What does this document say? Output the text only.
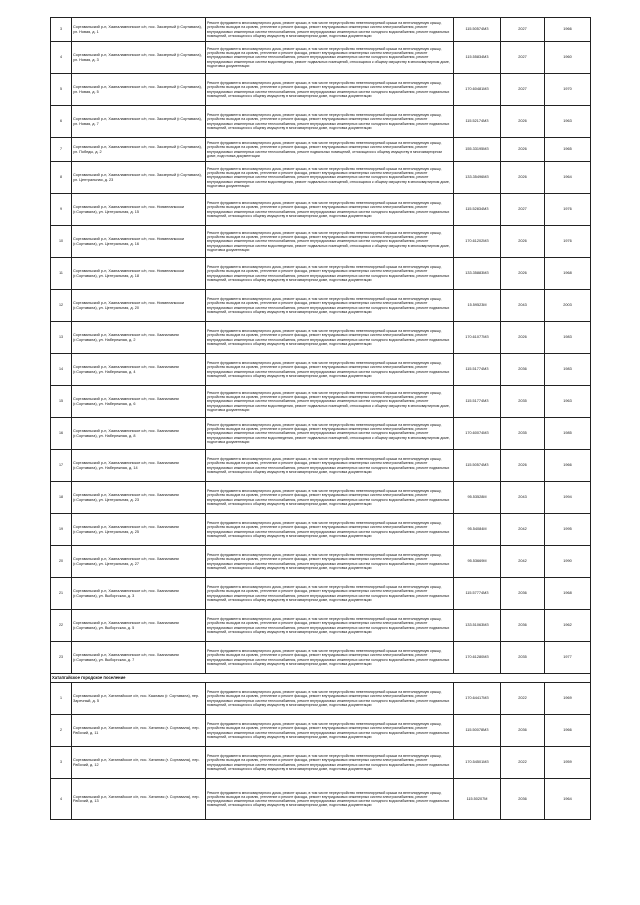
3	Сортавальский р-н, Хаапалампинское с/п, пос. Заозерный (г.Сортавала), ул. Новая, д. 1	Ремонт фундамента многоквартирного дома, ремонт крыши, в том числе переустройство невентилируемой крыши на вентилируемую крышу, устройство выходов на кровлю, утепление и ремонт фасада, ремонт внутридомовых инженерных систем электроснабжения, ремонт внутридомовых инженерных систем теплоснабжения, ремонт внутридомовых инженерных систем холодного водоснабжения, ремонт подвальных помещений, относящихся к общему имуществу в многоквартирном доме, подготовка документации	115.50574МЗ	2027	1966
4	Сортавальский р-н, Хаапалампинское с/п, пос. Заозерный (г.Сортавала), ул. Новая, д. 3	Ремонт фундамента многоквартирного дома, ремонт крыши, в том числе переустройство невентилируемой крыши на вентилируемую крышу, устройство выходов на кровлю, утепление и ремонт фасада, ремонт внутридомовых инженерных систем электроснабжения, ремонт внутридомовых инженерных систем теплоснабжения, ремонт внутридомовых инженерных систем холодного водоснабжения, ремонт внутридомовых инженерных систем водоотведения, ремонт подвальных помещений, относящихся к общему имуществу в многоквартирном доме, подготовка документации	115.55834М3	2027	1960
5	Сортавальский р-н, Хаапалампинское с/п, пос. Заозерный (г.Сортавала), ул. Новая, д. 5	Ремонт фундамента многоквартирного дома, ремонт крыши, в том числе переустройство невентилируемой крыши на вентилируемую крышу, устройство выходов на кровлю, утепление и ремонт фасада, ремонт внутридомовых инженерных систем электроснабжения, ремонт внутридомовых инженерных систем теплоснабжения, ремонт внутридомовых инженерных систем холодного водоснабжения, ремонт подвальных помещений, относящихся к общему имуществу в многоквартирном доме, подготовка документации	170.60481МЗ	2027	1970
6	Сортавальский р-н, Хаапалампинское с/п, пос. Заозерный (г.Сортавала), ул. Новая, д. 7	Ремонт фундамента многоквартирного дома, ремонт крыши, в том числе переустройство невентилируемой крыши на вентилируемую крышу, устройство выходов на кровлю, утепление и ремонт фасада, ремонт внутридомовых инженерных систем электроснабжения, ремонт внутридомовых инженерных систем теплоснабжения, ремонт внутридомовых инженерных систем холодного водоснабжения, ремонт подвальных помещений, относящихся к общему имуществу в многоквартирном доме, подготовка документации	115.52174МЗ	2026	1963
7	Сортавальский р-н, Хаапалампинское с/п, пос. Заозерный (г.Сортавала), ул. Победы, д. 2	Ремонт фундамента многоквартирного дома, ремонт крыши, в том числе переустройство невентилируемой крыши на вентилируемую крышу, устройство выходов на кровлю, утепление и ремонт фасада, ремонт внутридомовых инженерных систем электроснабжения, ремонт внутридомовых инженерных систем теплоснабжения, ремонт подвальных помещений, относящихся к общему имуществу в многоквартирном доме, подготовка документации	155.33195МЗ	2026	1965
8	Сортавальский р-н, Хаапалампинское с/п, пос. Заозерный (г.Сортавала), ул. Центральная, д. 23	Ремонт фундамента многоквартирного дома, ремонт крыши, в том числе переустройство невентилируемой крыши на вентилируемую крышу, устройство выходов на кровлю, утепление и ремонт фасада, ремонт внутридомовых инженерных систем электроснабжения, ремонт внутридомовых инженерных систем теплоснабжения, ремонт внутридомовых инженерных систем холодного водоснабжения, ремонт внутридомовых инженерных систем водоотведения, ремонт подвальных помещений, относящихся к общему имуществу в многоквартирном доме, подготовка документации	133.35496МЗ	2026	1964
9	Сортавальский р-н, Хаапалампинское с/п, пос. Ниэмеланкоски (г.Сортавала), ул. Центральная, д. 15	Ремонт фундамента многоквартирного дома, ремонт крыши, в том числе переустройство невентилируемой крыши на вентилируемую крышу, устройство выходов на кровлю, утепление и ремонт фасада, ремонт внутридомовых инженерных систем электроснабжения, ремонт внутридомовых инженерных систем теплоснабжения, ремонт внутридомовых инженерных систем холодного водоснабжения, ремонт подвальных помещений, относящихся к общему имуществу в многоквартирном доме, подготовка документации	115.52834МЗ	2027	1976
10	Сортавальский р-н, Хаапалампинское с/п, пос. Ниэмеланкоски (г.Сортавала), ул. Центральная, д. 16	Ремонт фундамента многоквартирного дома, ремонт крыши, в том числе переустройство невентилируемой крыши на вентилируемую крышу, устройство выходов на кровлю, утепление и ремонт фасада, ремонт внутридомовых инженерных систем электроснабжения, ремонт внутридомовых инженерных систем теплоснабжения, ремонт внутридомовых инженерных систем холодного водоснабжения, ремонт внутридомовых инженерных систем водоотведения, ремонт подвальных помещений, относящихся к общему имуществу в многоквартирном доме, подготовка документации	170.61202МЗ	2026	1976
11	Сортавальский р-н, Хаапалампинское с/п, пос. Ниэмеланкоски (г.Сортавала), ул. Центральная, д. 18	Ремонт фундамента многоквартирного дома, ремонт крыши, в том числе переустройство невентилируемой крыши на вентилируемую крышу, устройство выходов на кровлю, утепление и ремонт фасада, ремонт внутридомовых инженерных систем электроснабжения, ремонт внутридомовых инженерных систем теплоснабжения, ремонт внутридомовых инженерных систем холодного водоснабжения, ремонт подвальных помещений, относящихся к общему имуществу в многоквартирном доме, подготовка документации	133.35883МЗ	2026	1968
12	Сортавальский р-н, Хаапалампинское с/п, пос. Ниэмеланкоски (г.Сортавала), ул. Центральная, д. 20	Ремонт фундамента многоквартирного дома, ремонт крыши, в том числе переустройство невентилируемой крыши на вентилируемую крышу, устройство выходов на кровлю, утепление и ремонт фасада, ремонт внутридомовых инженерных систем электроснабжения, ремонт внутридомовых инженерных систем теплоснабжения, ремонт внутридомовых инженерных систем холодного водоснабжения, ремонт подвальных помещений, относящихся к общему имуществу в многоквартирном доме, подготовка документации	15.59523М	2043	2003
13	Сортавальский р-н, Хаапалампинское с/п, пос. Хаапалампи (г.Сортавала), ул. Набережная, д. 2	Ремонт фундамента многоквартирного дома, ремонт крыши, в том числе переустройство невентилируемой крыши на вентилируемую крышу, устройство выходов на кровлю, утепление и ремонт фасада, ремонт внутридомовых инженерных систем электроснабжения, ремонт внутридомовых инженерных систем теплоснабжения, ремонт внутридомовых инженерных систем холодного водоснабжения, ремонт подвальных помещений, относящихся к общему имуществу в многоквартирном доме, подготовка документации	170.61077МЗ	2026	1983
14	Сортавальский р-н, Хаапалампинское с/п, пос. Хаапалампи (г.Сортавала), ул. Набережная, д. 4	Ремонт фундамента многоквартирного дома, ремонт крыши, в том числе переустройство невентилируемой крыши на вентилируемую крышу, устройство выходов на кровлю, утепление и ремонт фасада, ремонт внутридомовых инженерных систем электроснабжения, ремонт внутридомовых инженерных систем теплоснабжения, ремонт внутридомовых инженерных систем холодного водоснабжения, ремонт подвальных помещений, относящихся к общему имуществу в многоквартирном доме, подготовка документации	115.51774МЗ	2036	1983
15	Сортавальский р-н, Хаапалампинское с/п, пос. Хаапалампи (г.Сортавала), ул. Набережная, д. 6	Ремонт фундамента многоквартирного дома, ремонт крыши, в том числе переустройство невентилируемой крыши на вентилируемую крышу, устройство выходов на кровлю, утепление и ремонт фасада, ремонт внутридомовых инженерных систем электроснабжения, ремонт внутридомовых инженерных систем теплоснабжения, ремонт внутридомовых инженерных систем холодного водоснабжения, ремонт внутридомовых инженерных систем водоотведения, ремонт подвальных помещений, относящихся к общему имуществу в многоквартирном доме, подготовка документации	115.51774МЗ	2035	1963
16	Сортавальский р-н, Хаапалампинское с/п, пос. Хаапалампи (г.Сортавала), ул. Набережная, д. 8	Ремонт фундамента многоквартирного дома, ремонт крыши, в том числе переустройство невентилируемой крыши на вентилируемую крышу, устройство выходов на кровлю, утепление и ремонт фасада, ремонт внутридомовых инженерных систем электроснабжения, ремонт внутридомовых инженерных систем теплоснабжения, ремонт внутридомовых инженерных систем холодного водоснабжения, ремонт внутридомовых инженерных систем водоотведения, ремонт подвальных помещений, относящихся к общему имуществу в многоквартирном доме, подготовка документации	170.60074МЗ	2035	1985
17	Сортавальский р-н, Хаапалампинское с/п, пос. Хаапалампи (г.Сортавала), ул. Набережная, д. 14	Ремонт фундамента многоквартирного дома, ремонт крыши, в том числе переустройство невентилируемой крыши на вентилируемую крышу, устройство выходов на кровлю, утепление и ремонт фасада, ремонт внутридомовых инженерных систем электроснабжения, ремонт внутридомовых инженерных систем теплоснабжения, ремонт внутридомовых инженерных систем холодного водоснабжения, ремонт подвальных помещений, относящихся к общему имуществу в многоквартирном доме, подготовка документации	115.50574МЗ	2026	1966
18	Сортавальский р-н, Хаапалампинское с/п, пос. Хаапалампи (г.Сортавала), ул. Центральная, д. 23	Ремонт фундамента многоквартирного дома, ремонт крыши, в том числе переустройство невентилируемой крыши на вентилируемую крышу, устройство выходов на кровлю, утепление и ремонт фасада, ремонт внутридомовых инженерных систем электроснабжения, ремонт внутридомовых инженерных систем теплоснабжения, ремонт внутридомовых инженерных систем холодного водоснабжения, ремонт подвальных помещений, относящихся к общему имуществу в многоквартирном доме, подготовка документации	95.53528М	2043	1994
19	Сортавальский р-н, Хаапалампинское с/п, пос. Хаапалампи (г.Сортавала), ул. Центральная, д. 25	Ремонт фундамента многоквартирного дома, ремонт крыши, в том числе переустройство невентилируемой крыши на вентилируемую крышу, устройство выходов на кровлю, утепление и ремонт фасада, ремонт внутридомовых инженерных систем электроснабжения, ремонт внутридомовых инженерных систем теплоснабжения, ремонт внутридомовых инженерных систем холодного водоснабжения, ремонт подвальных помещений, относящихся к общему имуществу в многоквартирном доме, подготовка документации	95.54084М	2042	1995
20	Сортавальский р-н, Хаапалампинское с/п, пос. Хаапалампи (г.Сортавала), ул. Центральная, д. 27	Ремонт фундамента многоквартирного дома, ремонт крыши, в том числе переустройство невентилируемой крыши на вентилируемую крышу, устройство выходов на кровлю, утепление и ремонт фасада, ремонт внутридомовых инженерных систем электроснабжения, ремонт внутридомовых инженерных систем теплоснабжения, ремонт внутридомовых инженерных систем холодного водоснабжения, ремонт подвальных помещений, относящихся к общему имуществу в многоквартирном доме, подготовка документации	95.53669М	2042	1990
21	Сортавальский р-н, Хаапалампинское с/п, пос. Хаапалампи (г.Сортавала), ул. Выборгская, д. 3	Ремонт фундамента многоквартирного дома, ремонт крыши, в том числе переустройство невентилируемой крыши на вентилируемую крышу, устройство выходов на кровлю, утепление и ремонт фасада, ремонт внутридомовых инженерных систем электроснабжения, ремонт внутридомовых инженерных систем теплоснабжения, ремонт внутридомовых инженерных систем холодного водоснабжения, ремонт подвальных помещений, относящихся к общему имуществу в многоквартирном доме, подготовка документации	115.57774МЗ	2036	1968
22	Сортавальский р-н, Хаапалампинское с/п, пос. Хаапалампи (г.Сортавала), ул. Выборгская, д. 5	Ремонт фундамента многоквартирного дома, ремонт крыши, в том числе переустройство невентилируемой крыши на вентилируемую крышу, устройство выходов на кровлю, утепление и ремонт фасада, ремонт внутридомовых инженерных систем электроснабжения, ремонт внутридомовых инженерных систем теплоснабжения, ремонт внутридомовых инженерных систем холодного водоснабжения, ремонт подвальных помещений, относящихся к общему имуществу в многоквартирном доме, подготовка документации	133.51063МЗ	2036	1962
23	Сортавальский р-н, Хаапалампинское с/п, пос. Хаапалампи (г.Сортавала), ул. Выборгская, д. 7	Ремонт фундамента многоквартирного дома, ремонт крыши, в том числе переустройство невентилируемой крыши на вентилируемую крышу, устройство выходов на кровлю, утепление и ремонт фасада, ремонт внутридомовых инженерных систем электроснабжения, ремонт внутридомовых инженерных систем теплоснабжения, ремонт внутридомовых инженерных систем холодного водоснабжения, ремонт подвальных помещений, относящихся к общему имуществу в многоквартирном доме, подготовка документации	170.61280МЗ	2035	1977
Хатапгайское городское поселение					
1	Сортавальский р-н, Хатапгайское с/п, пос. Кааламо (г. Сортавала), пер. Заречный, д. 5	Ремонт фундамента многоквартирного дома, ремонт крыши, в том числе переустройство невентилируемой крыши на вентилируемую крышу, устройство выходов на кровлю, утепление и ремонт фасада, ремонт внутридомовых инженерных систем электроснабжения, ремонт внутридомовых инженерных систем теплоснабжения, ремонт внутридомовых инженерных систем холодного водоснабжения, ремонт подвальных помещений, относящихся к общему имуществу в многоквартирном доме, подготовка документации	170.64417МЗ	2022	1969
2	Сортавальский р-н, Хатапгайское с/п, пос. Хатапгая (г. Сортавала), пер. Рабочий, д. 11	Ремонт фундамента многоквартирного дома, ремонт крыши, в том числе переустройство невентилируемой крыши на вентилируемую крышу, устройство выходов на кровлю, утепление и ремонт фасада, ремонт внутридомовых инженерных систем электроснабжения, ремонт внутридомовых инженерных систем теплоснабжения, ремонт внутридомовых инженерных систем холодного водоснабжения, ремонт подвальных помещений, относящихся к общему имуществу в многоквартирном доме, подготовка документации	115.50078МЗ	2036	1966
3	Сортавальский р-н, Хатапгайское с/п, пос. Хатапгая (г. Сортавала), пер. Рабочий, д. 12	Ремонт фундамента многоквартирного дома, ремонт крыши, в том числе переустройство невентилируемой крыши на вентилируемую крышу, устройство выходов на кровлю, утепление и ремонт фасада, ремонт внутридомовых инженерных систем электроснабжения, ремонт внутридомовых инженерных систем теплоснабжения, ремонт внутридомовых инженерных систем холодного водоснабжения, ремонт подвальных помещений, относящихся к общему имуществу в многоквартирном доме, подготовка документации	170.54501МЗ	2022	1959
4	Сортавальский р-н, Хатапгайское с/п, пос. Хатапгая (г. Сортавала), пер. Рабочий, д. 13	Ремонт фундамента многоквартирного дома, ремонт крыши, в том числе переустройство невентилируемой крыши на вентилируемую крышу, устройство выходов на кровлю, утепление и ремонт фасада, ремонт внутридомовых инженерных систем электроснабжения, ремонт внутридомовых инженерных систем теплоснабжения, ремонт внутридомовых инженерных систем холодного водоснабжения, ремонт подвальных помещений, относящихся к общему имуществу в многоквартирном доме, подготовка документации	115.50207М	2036	1964
